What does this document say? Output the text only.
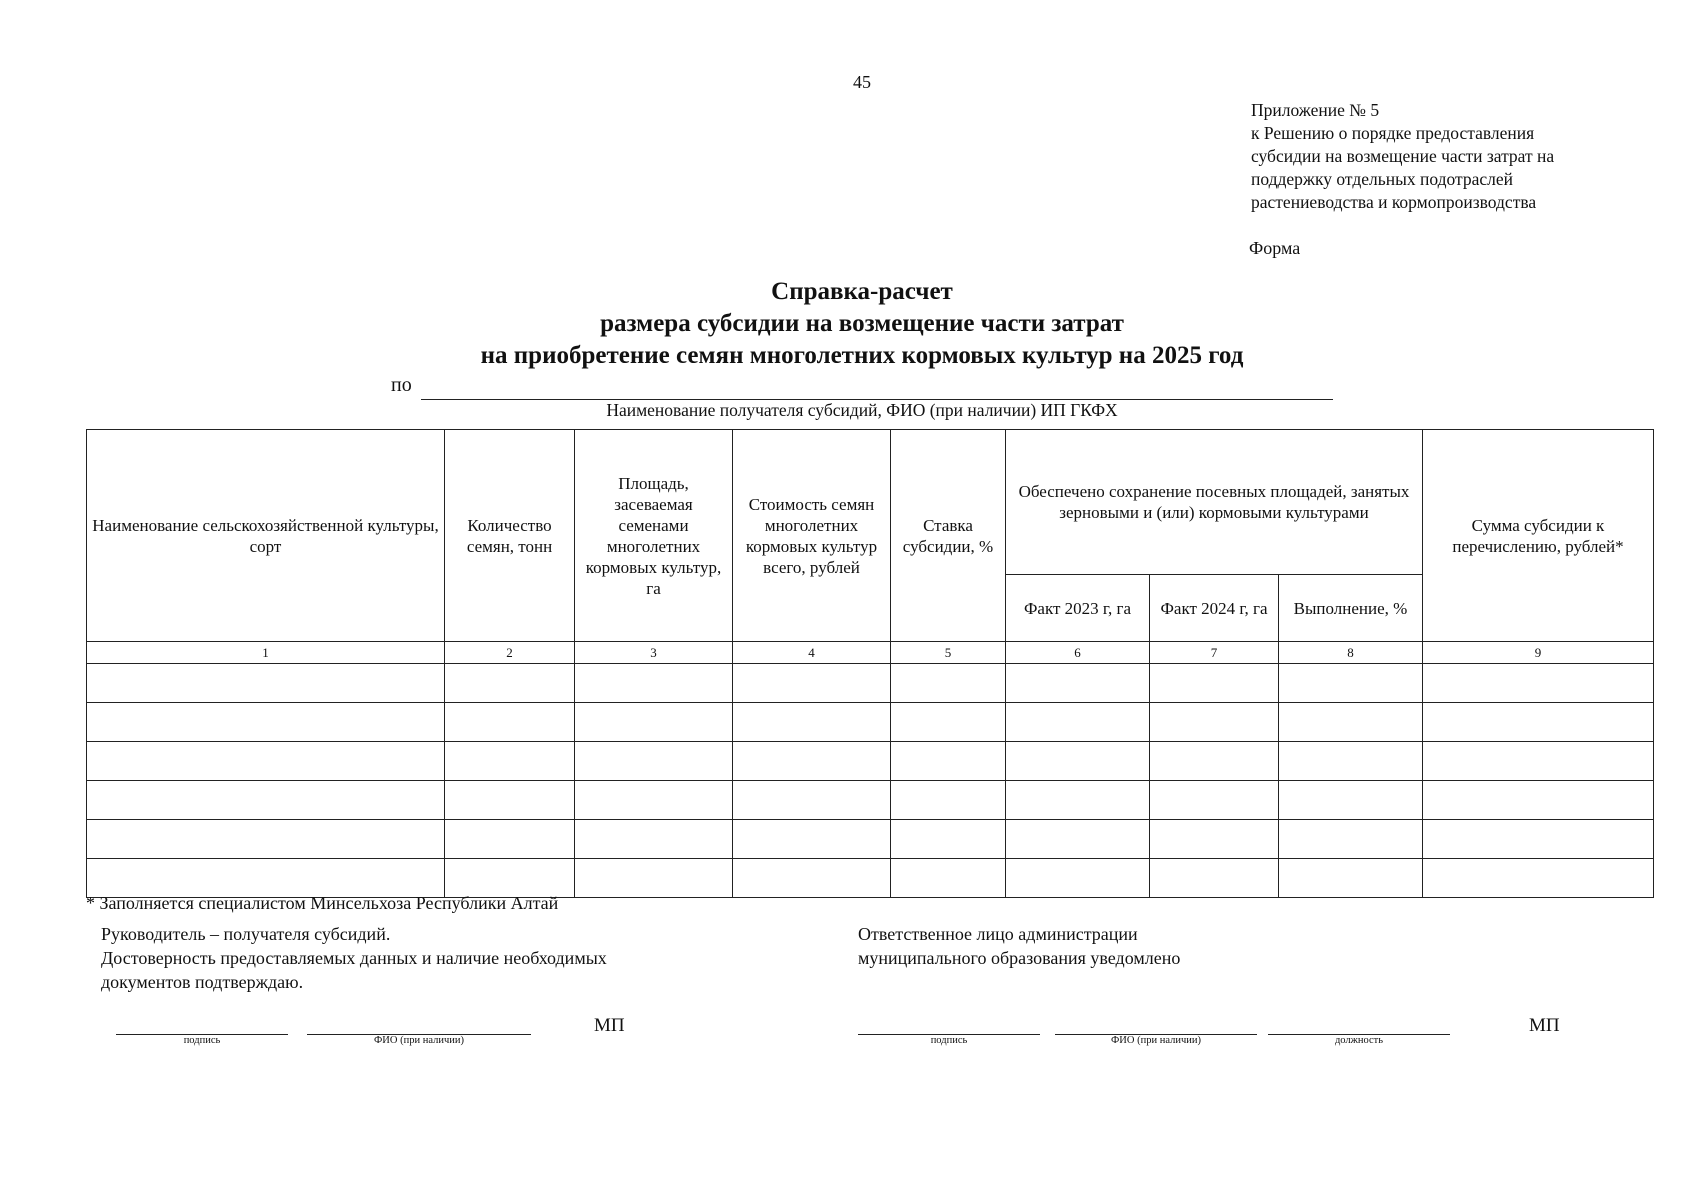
45
Приложение № 5
к Решению о порядке предоставления
субсидии на возмещение части затрат на
поддержку отдельных подотраслей
растениеводства и кормопроизводства
Форма
Справка-расчет
размера субсидии на возмещение части затрат
на приобретение семян многолетних кормовых культур на 2025 год
по
Наименование получателя субсидий, ФИО (при наличии) ИП ГКФХ
Наименование сельскохозяйственной культуры, сорт	Количество семян, тонн	Площадь, засеваемая семенами многолетних кормовых культур, га	Стоимость семян многолетних кормовых культур всего, рублей	Ставка субсидии, %	Обеспечено сохранение посевных площадей, занятых зерновыми и (или) кормовыми культурами			Сумма субсидии к перечислению, рублей*
					Факт 2023 г, га	Факт 2024 г, га	Выполнение, %	
1	2	3	4	5	6	7	8	9

* Заполняется специалистом Минсельхоза Республики Алтай
Руководитель – получателя субсидий.
Достоверность предоставляемых данных и наличие необходимых
документов подтверждаю.
Ответственное лицо администрации
муниципального образования уведомлено
подпись	ФИО (при наличии)
МП
подпись	ФИО (при наличии)	должность
МП
